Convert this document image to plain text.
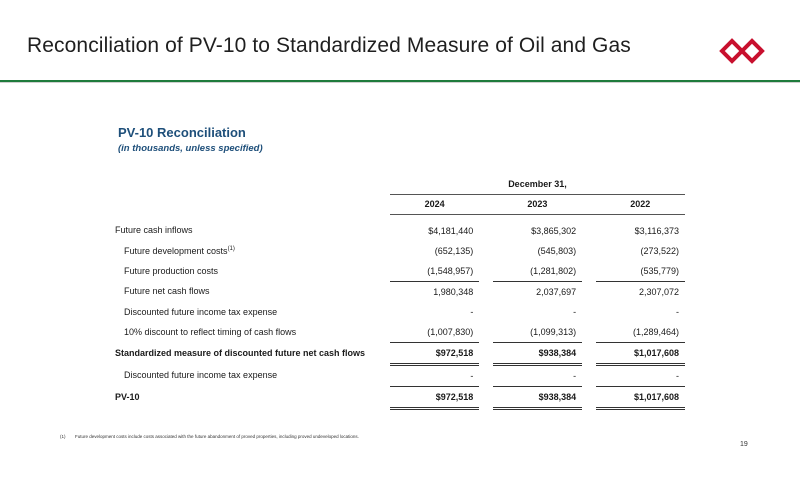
Reconciliation of PV-10 to Standardized Measure of Oil and Gas
PV-10 Reconciliation

(in thousands, unless specified)

		December 31,				
		2024		2023		2022
Future cash inflows		$4,181,440		$3,865,302		$3,116,373
Future development costs$^{(1)}$		(652,135)		(545,803)		(273,522)
Future production costs		(1,548,957)		(1,281,802)		(535,779)
Future net cash flows		1,980,348		2,037,697		2,307,072
Discounted future income tax expense		-		-		-
10% discount to reflect timing of cash flows		(1,007,830)		(1,099,313)		(1,289,464)
Standardized measure of discounted future net cash flows		$972,518		$938,384		$1,017,608
Discounted future income tax expense		-		-		-
PV-10		$972,518		$938,384		$1,017,608
(1) Future development costs include costs associated with the future abandonment of proved properties, including proved undeveloped locations.
19
